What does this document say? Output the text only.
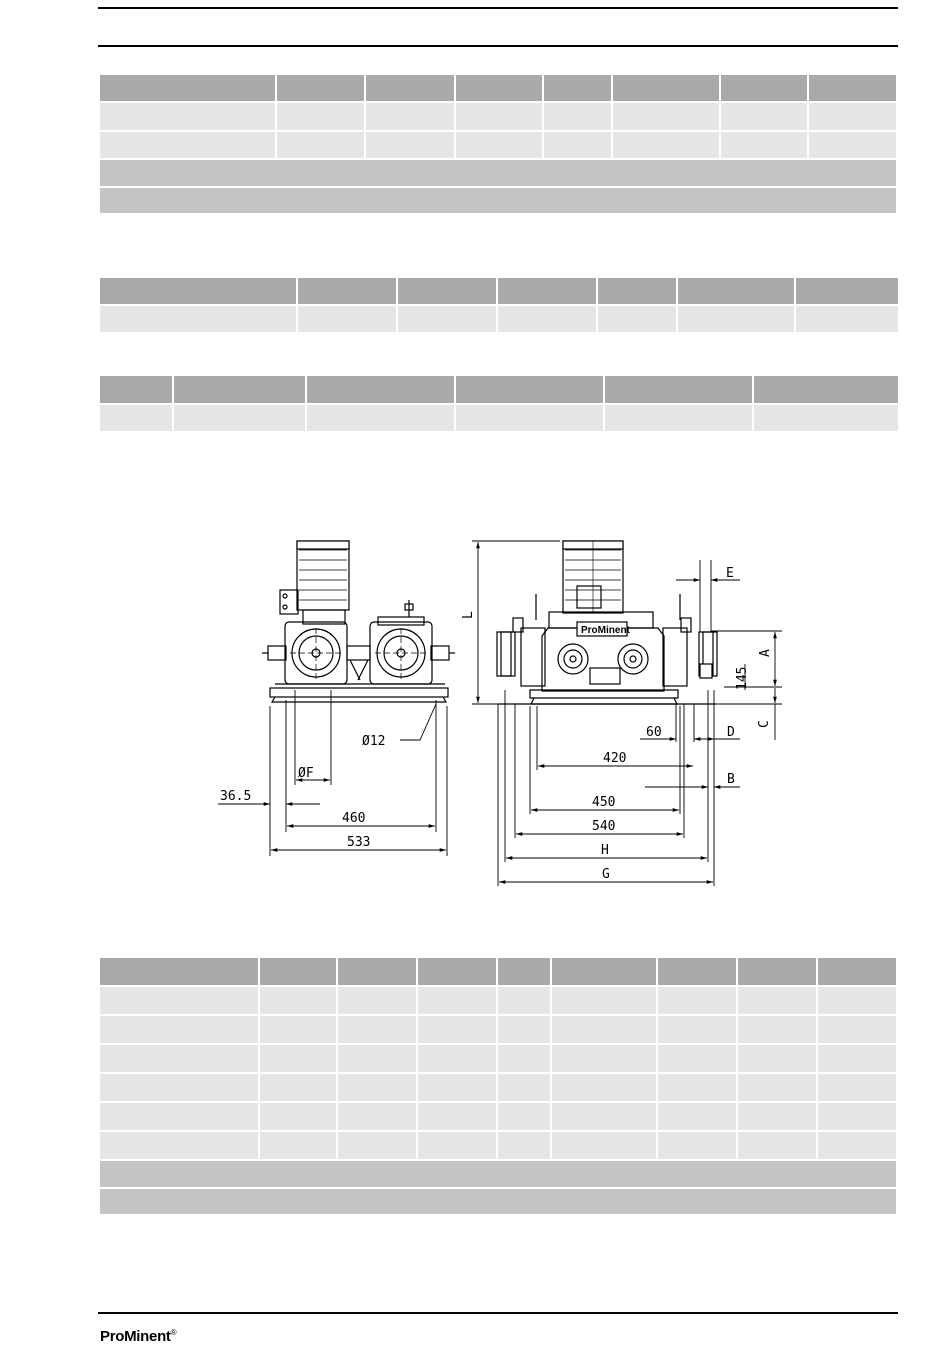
Ø12
ØF
36.5
460
533
ProMinent
L
E
A
145
C
60	D
420
B
450
540
H
G
ProMinent®
